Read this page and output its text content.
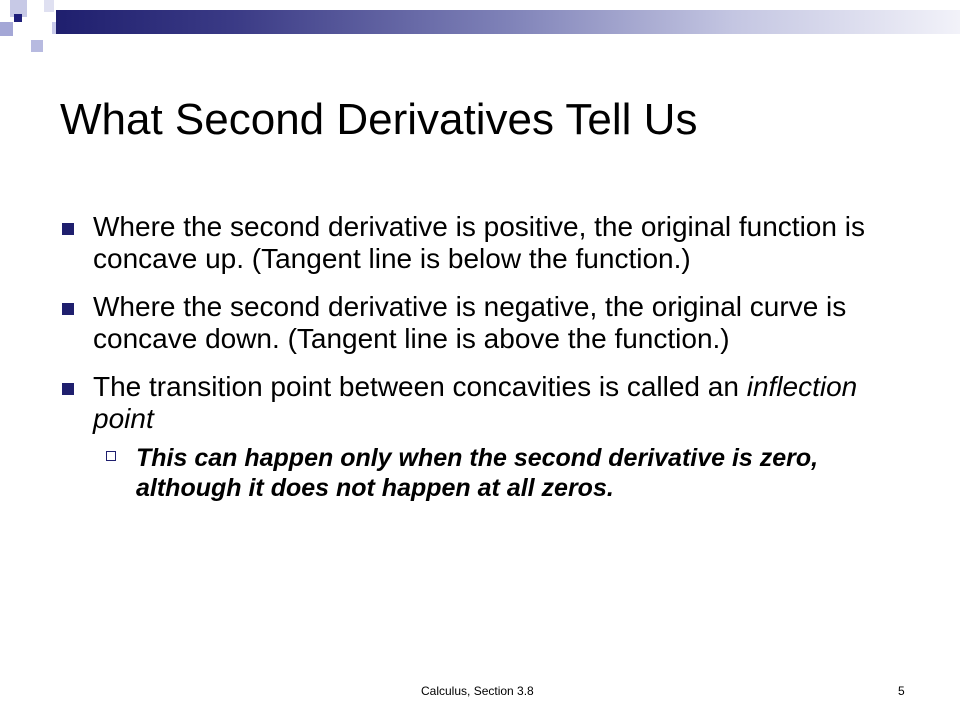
What Second Derivatives Tell Us
Where the second derivative is positive, the original function is concave up. (Tangent line is below the function.)
Where the second derivative is negative, the original curve is concave down. (Tangent line is above the function.)
The transition point between concavities is called an inflection point
This can happen only when the second derivative is zero, although it does not happen at all zeros.
Calculus, Section 3.8	5
